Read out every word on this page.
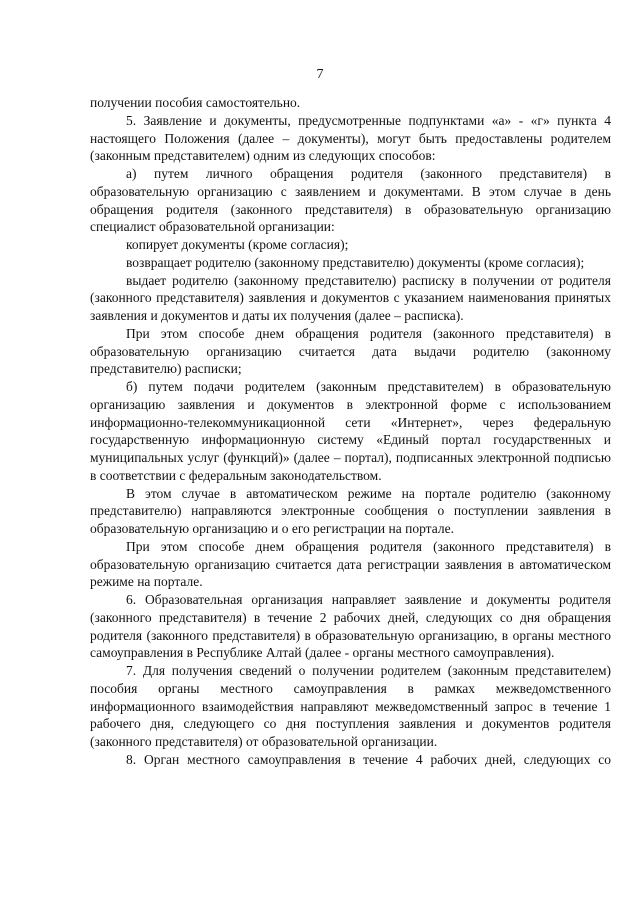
7

получении пособия самостоятельно.

5. Заявление и документы, предусмотренные подпунктами «а» - «г» пункта 4 настоящего Положения (далее – документы), могут быть предоставлены родителем (законным представителем) одним из следующих способов:

а) путем личного обращения родителя (законного представителя) в образовательную организацию с заявлением и документами. В этом случае в день обращения родителя (законного представителя) в образовательную организацию специалист образовательной организации:

копирует документы (кроме согласия);

возвращает родителю (законному представителю) документы (кроме согласия);

выдает родителю (законному представителю) расписку в получении от родителя (законного представителя) заявления и документов с указанием наименования принятых заявления и документов и даты их получения (далее – расписка).

При этом способе днем обращения родителя (законного представителя) в образовательную организацию считается дата выдачи родителю (законному представителю) расписки;

б) путем подачи родителем (законным представителем) в образовательную организацию заявления и документов в электронной форме с использованием информационно-телекоммуникационной сети «Интернет», через федеральную государственную информационную систему «Единый портал государственных и муниципальных услуг (функций)» (далее – портал), подписанных электронной подписью в соответствии с федеральным законодательством.

В этом случае в автоматическом режиме на портале родителю (законному представителю) направляются электронные сообщения о поступлении заявления в образовательную организацию и о его регистрации на портале.

При этом способе днем обращения родителя (законного представителя) в образовательную организацию считается дата регистрации заявления в автоматическом режиме на портале.

6. Образовательная организация направляет заявление и документы родителя (законного представителя) в течение 2 рабочих дней, следующих со дня обращения родителя (законного представителя) в образовательную организацию, в органы местного самоуправления в Республике Алтай (далее - органы местного самоуправления).

7. Для получения сведений о получении родителем (законным представителем) пособия органы местного самоуправления в рамках межведомственного информационного взаимодействия направляют межведомственный запрос в течение 1 рабочего дня, следующего со дня поступления заявления и документов родителя (законного представителя) от образовательной организации.

8. Орган местного самоуправления в течение 4 рабочих дней, следующих со
